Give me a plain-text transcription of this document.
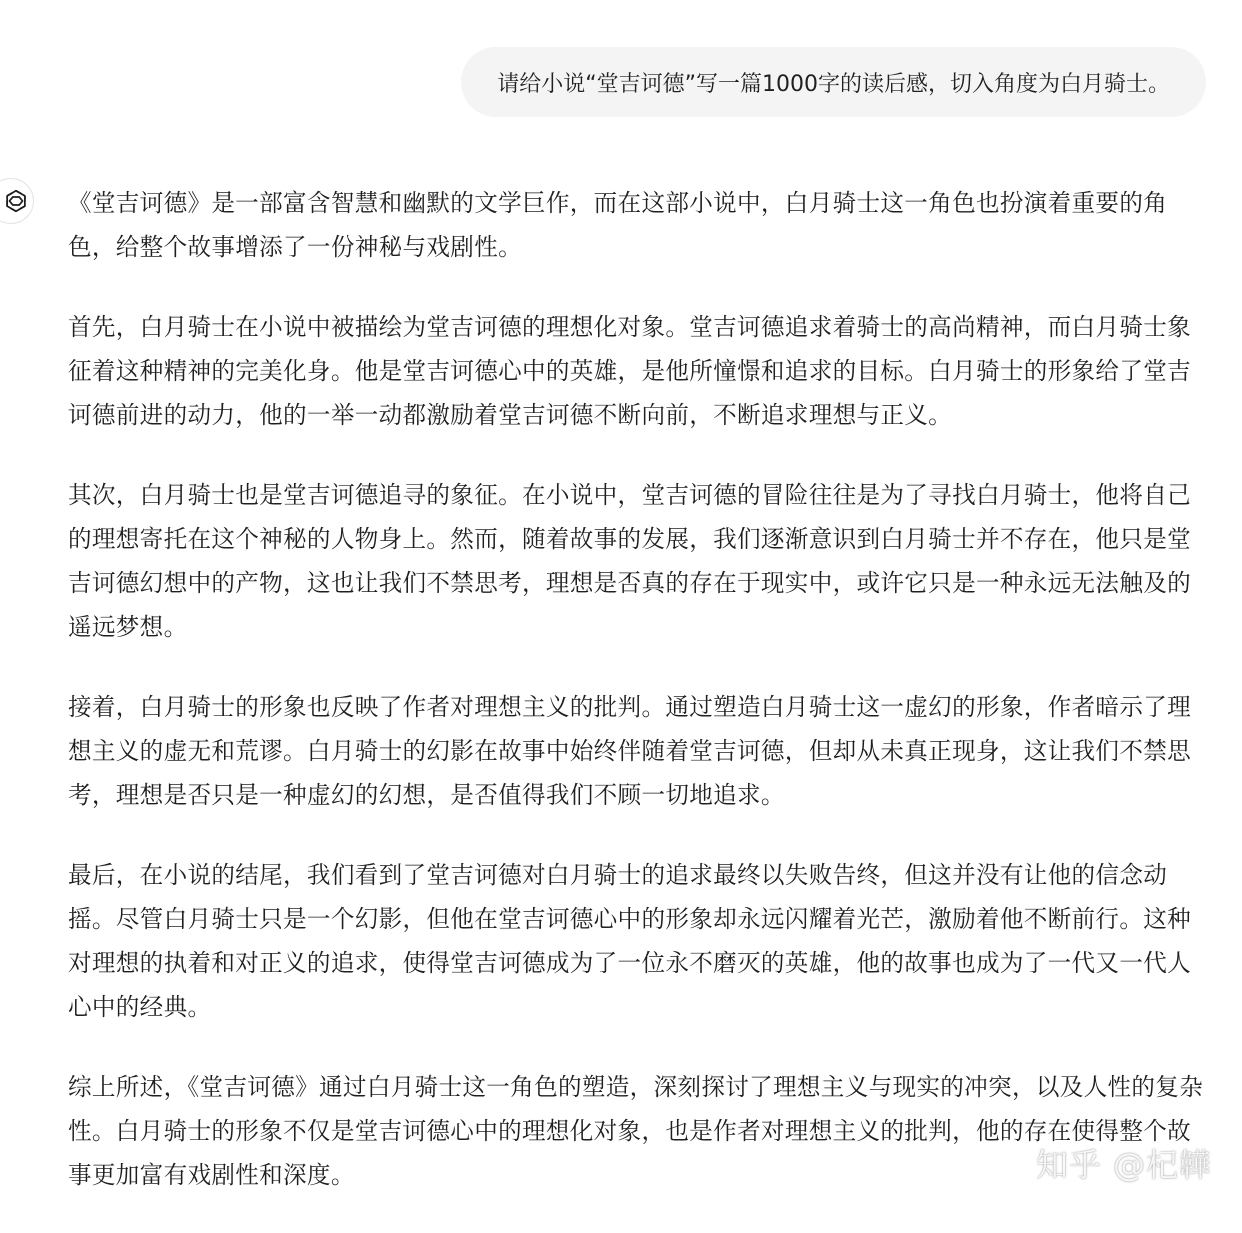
请给小说“堂吉诃德”写一篇1000字的读后感，切入角度为白月骑士。

《堂吉诃德》是一部富含智慧和幽默的文学巨作，而在这部小说中，白月骑士这一角色也扮演着重要的角色，给整个故事增添了一份神秘与戏剧性。

首先，白月骑士在小说中被描绘为堂吉诃德的理想化对象。堂吉诃德追求着骑士的高尚精神，而白月骑士象征着这种精神的完美化身。他是堂吉诃德心中的英雄，是他所憧憬和追求的目标。白月骑士的形象给了堂吉诃德前进的动力，他的一举一动都激励着堂吉诃德不断向前，不断追求理想与正义。

其次，白月骑士也是堂吉诃德追寻的象征。在小说中，堂吉诃德的冒险往往是为了寻找白月骑士，他将自己的理想寄托在这个神秘的人物身上。然而，随着故事的发展，我们逐渐意识到白月骑士并不存在，他只是堂吉诃德幻想中的产物，这也让我们不禁思考，理想是否真的存在于现实中，或许它只是一种永远无法触及的遥远梦想。

接着，白月骑士的形象也反映了作者对理想主义的批判。通过塑造白月骑士这一虚幻的形象，作者暗示了理想主义的虚无和荒谬。白月骑士的幻影在故事中始终伴随着堂吉诃德，但却从未真正现身，这让我们不禁思考，理想是否只是一种虚幻的幻想，是否值得我们不顾一切地追求。

最后，在小说的结尾，我们看到了堂吉诃德对白月骑士的追求最终以失败告终，但这并没有让他的信念动摇。尽管白月骑士只是一个幻影，但他在堂吉诃德心中的形象却永远闪耀着光芒，激励着他不断前行。这种对理想的执着和对正义的追求，使得堂吉诃德成为了一位永不磨灭的英雄，他的故事也成为了一代又一代人心中的经典。

综上所述，《堂吉诃德》通过白月骑士这一角色的塑造，深刻探讨了理想主义与现实的冲突，以及人性的复杂性。白月骑士的形象不仅是堂吉诃德心中的理想化对象，也是作者对理想主义的批判，他的存在使得整个故事更加富有戏剧性和深度。	知乎 @杞韡
